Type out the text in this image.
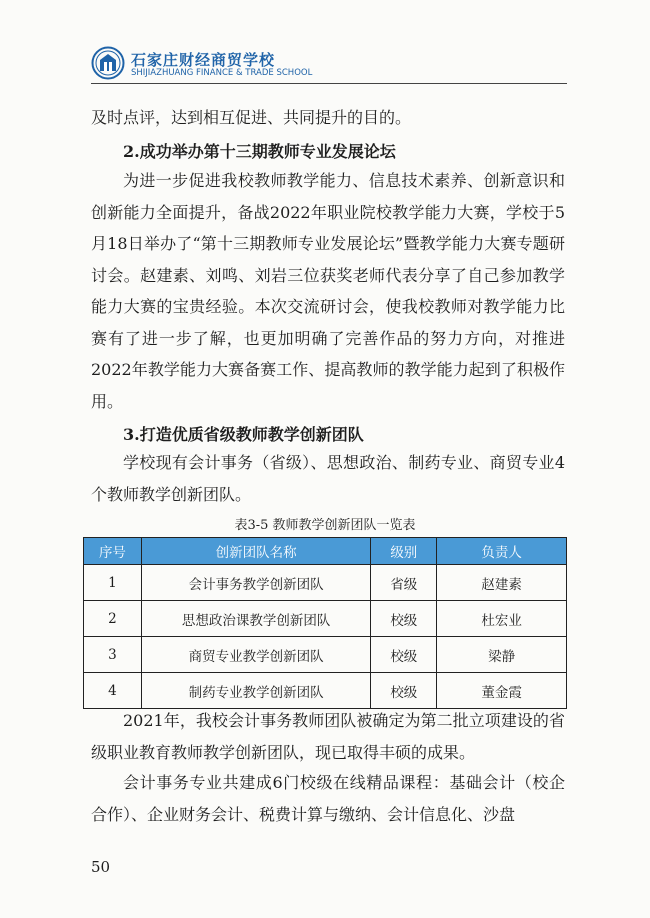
石家庄财经商贸学校
SHIJIAZHUANG FINANCE & TRADE SCHOOL

及时点评，达到相互促进、共同提升的目的。

2.成功举办第十三期教师专业发展论坛

为进一步促进我校教师教学能力、信息技术素养、创新意识和创新能力全面提升，备战2022年职业院校教学能力大赛，学校于5月18日举办了“第十三期教师专业发展论坛”暨教学能力大赛专题研讨会。赵建素、刘鸣、刘岩三位获奖老师代表分享了自己参加教学能力大赛的宝贵经验。本次交流研讨会，使我校教师对教学能力比赛有了进一步了解，也更加明确了完善作品的努力方向，对推进2022年教学能力大赛备赛工作、提高教师的教学能力起到了积极作用。

3.打造优质省级教师教学创新团队

学校现有会计事务（省级）、思想政治、制药专业、商贸专业4个教师教学创新团队。

表3-5 教师教学创新团队一览表
序号	创新团队名称	级别	负责人
1	会计事务教学创新团队	省级	赵建素
2	思想政治课教学创新团队	校级	杜宏业
3	商贸专业教学创新团队	校级	梁静
4	制药专业教学创新团队	校级	董金霞

2021年，我校会计事务教师团队被确定为第二批立项建设的省级职业教育教师教学创新团队，现已取得丰硕的成果。

会计事务专业共建成6门校级在线精品课程：基础会计（校企合作）、企业财务会计、税费计算与缴纳、会计信息化、沙盘

50
